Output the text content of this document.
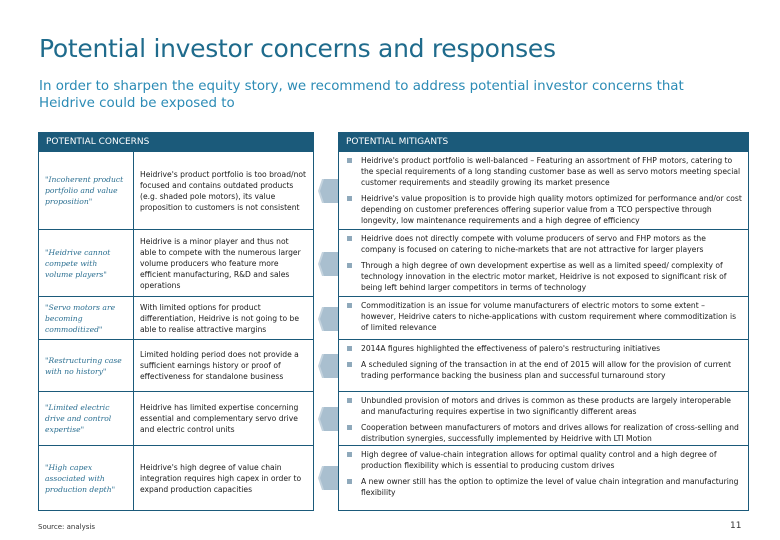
Potential investor concerns and responses
In order to sharpen the equity story, we recommend to address potential investor concerns that Heidrive could be exposed to
POTENTIAL CONCERNS	POTENTIAL MITIGANTS
"Incoherent product portfolio and value proposition"
Heidrive's product portfolio is too broad/not focused and contains outdated products (e.g. shaded pole motors), its value proposition to customers is not consistent
"Heidrive cannot compete with volume players"
Heidrive is a minor player and thus not able to compete with the numerous larger volume producers who feature more efficient manufacturing, R&D and sales operations
"Servo motors are becoming commoditized"
With limited options for product differentiation, Heidrive is not going to be able to realise attractive margins
"Restructuring case with no history"
Limited holding period does not provide a sufficient earnings history or proof of effectiveness for standalone business
"Limited electric drive and control expertise"
Heidrive has limited expertise concerning essential and complementary servo drive and electric control units
"High capex associated with production depth"
Heidrive's high degree of value chain integration requires high capex in order to expand production capacities
Heidrive's product portfolio is well-balanced – Featuring an assortment of FHP motors, catering to the special requirements of a long standing customer base as well as servo motors meeting special customer requirements and steadily growing its market presence
Heidrive's value proposition is to provide high quality motors optimized for performance and/or cost depending on customer preferences offering superior value from a TCO perspective through longevity, low maintenance requirements and a high degree of efficiency
Heidrive does not directly compete with volume producers of servo and FHP motors as the company is focused on catering to niche-markets that are not attractive for larger players
Through a high degree of own development expertise as well as a limited speed/ complexity of technology innovation in the electric motor market, Heidrive is not exposed to significant risk of being left behind larger competitors in terms of technology
Commoditization is an issue for volume manufacturers of electric motors to some extent – however, Heidrive caters to niche-applications with custom requirement where commoditization is of limited relevance
2014A figures highlighted the effectiveness of palero's restructuring initiatives
A scheduled signing of the transaction in at the end of 2015 will allow for the provision of current trading performance backing the business plan and successful turnaround story
Unbundled provision of motors and drives is common as these products are largely interoperable and manufacturing requires expertise in two significantly different areas
Cooperation between manufacturers of motors and drives allows for realization of cross-selling and distribution synergies, successfully implemented by Heidrive with LTI Motion
High degree of value-chain integration allows for optimal quality control and a high degree of production flexibility which is essential to producing custom drives
A new owner still has the option to optimize the level of value chain integration and manufacturing flexibility
Source: analysis	11
